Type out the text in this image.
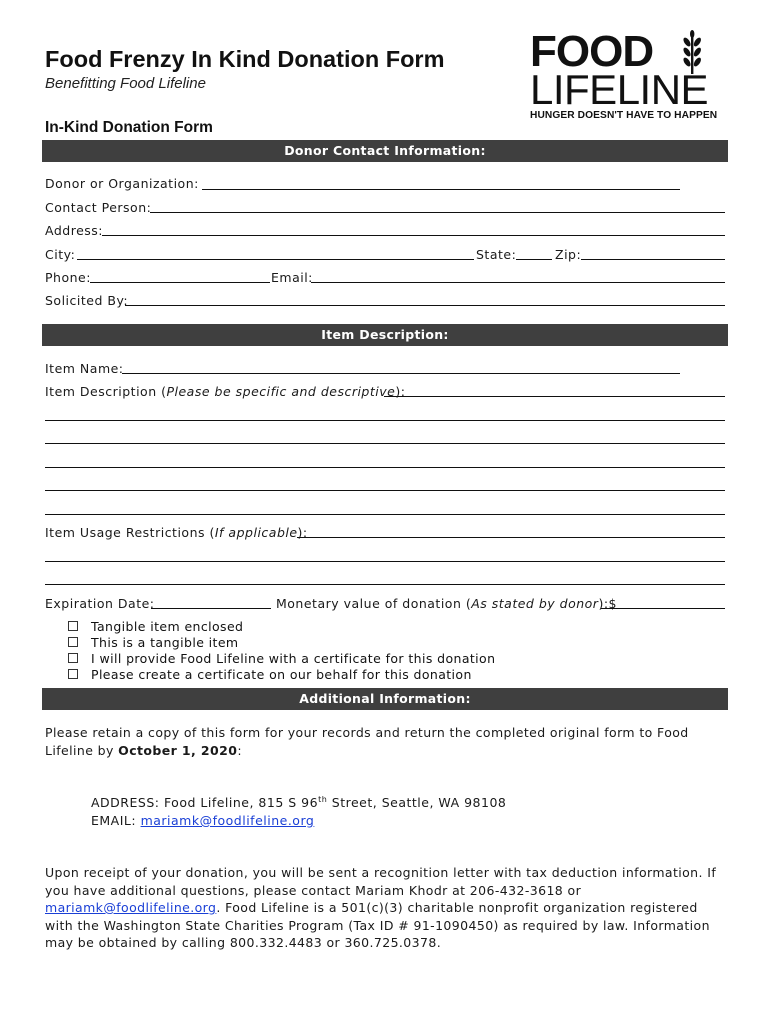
Food Frenzy In Kind Donation Form
Benefitting Food Lifeline
In-Kind Donation Form
FOOD
LIFELINE
HUNGER DOESN'T HAVE TO HAPPEN
Donor Contact Information:
Donor or Organization:
Contact Person:
Address:
City:	State:	Zip:
Phone:	Email:
Solicited By:
Item Description:
Item Name:
Item Description (Please be specific and descriptive):
Item Usage Restrictions (If applicable):
Expiration Date:	Monetary value of donation (As stated by donor):$
Tangible item enclosed
This is a tangible item
I will provide Food Lifeline with a certificate for this donation
Please create a certificate on our behalf for this donation
Additional Information:
Please retain a copy of this form for your records and return the completed original form to Food Lifeline by October 1, 2020:
ADDRESS: Food Lifeline, 815 S 96th Street, Seattle, WA 98108
EMAIL: mariamk@foodlifeline.org
Upon receipt of your donation, you will be sent a recognition letter with tax deduction information. If you have additional questions, please contact Mariam Khodr at 206-432-3618 or mariamk@foodlifeline.org. Food Lifeline is a 501(c)(3) charitable nonprofit organization registered with the Washington State Charities Program (Tax ID # 91-1090450) as required by law. Information may be obtained by calling 800.332.4483 or 360.725.0378.
